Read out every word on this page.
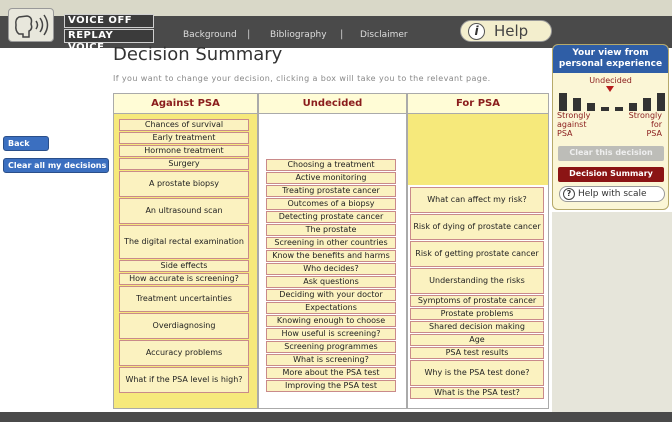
VOICE OFF
REPLAY VOICE
Background | Bibliography | Disclaimer	i	Help
Back
Clear all my decisions
Decision Summary
If you want to change your decision, clicking a box will take you to the relevant page.
Against PSA
Chances of survival
Early treatment
Hormone treatment
Surgery
A prostate biopsy
An ultrasound scan
The digital rectal examination
Side effects
How accurate is screening?
Treatment uncertainties
Overdiagnosing
Accuracy problems
What if the PSA level is high?
Undecided
Choosing a treatment
Active monitoring
Treating prostate cancer
Outcomes of a biopsy
Detecting prostate cancer
The prostate
Screening in other countries
Know the benefits and harms
Who decides?
Ask questions
Deciding with your doctor
Expectations
Knowing enough to choose
How useful is screening?
Screening programmes
What is screening?
More about the PSA test
Improving the PSA test
For PSA
What can affect my risk?
Risk of dying of prostate cancer
Risk of getting prostate cancer
Understanding the risks
Symptoms of prostate cancer
Prostate problems
Shared decision making
Age
PSA test results
Why is the PSA test done?
What is the PSA test?
Your view from
personal experience
Undecided
Strongly
against
PSA
Strongly
for
PSA
Clear this decision
Decision Summary
? Help with scale
